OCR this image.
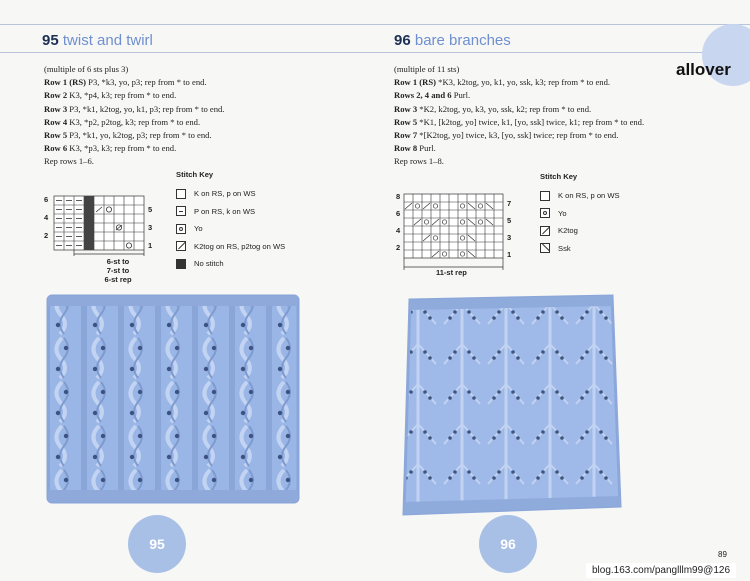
95 twist and twirl
(multiple of 6 sts plus 3)
Row 1 (RS) P3, *k3, yo, p3; rep from * to end.
Row 2 K3, *p4, k3; rep from * to end.
Row 3 P3, *k1, k2tog, yo, k1, p3; rep from * to end.
Row 4 K3, *p2, p2tog, k3; rep from * to end.
Row 5 P3, *k1, yo, k2tog, p3; rep from * to end.
Row 6 K3, *p3, k3; rep from * to end.
Rep rows 1–6.
6
4
2
5
3
1
6-st to
7-st to
6-st rep
Stitch Key
K on RS, p on WS
P on RS, k on WS
Yo
K2tog on RS, p2tog on WS
No stitch
95
96 bare branches
allover
(multiple of 11 sts)
Row 1 (RS) *K3, k2tog, yo, k1, yo, ssk, k3; rep from * to end.
Rows 2, 4 and 6 Purl.
Row 3 *K2, k2tog, yo, k3, yo, ssk, k2; rep from * to end.
Row 5 *K1, [k2tog, yo] twice, k1, [yo, ssk] twice, k1; rep from * to end.
Row 7 *[K2tog, yo] twice, k3, [yo, ssk] twice; rep from * to end.
Row 8 Purl.
Rep rows 1–8.
8
6
4
2
7
5
3
1
11-st rep
Stitch Key
K on RS, p on WS
Yo
K2tog
Ssk
96
89
blog.163.com/panglllm99@126
